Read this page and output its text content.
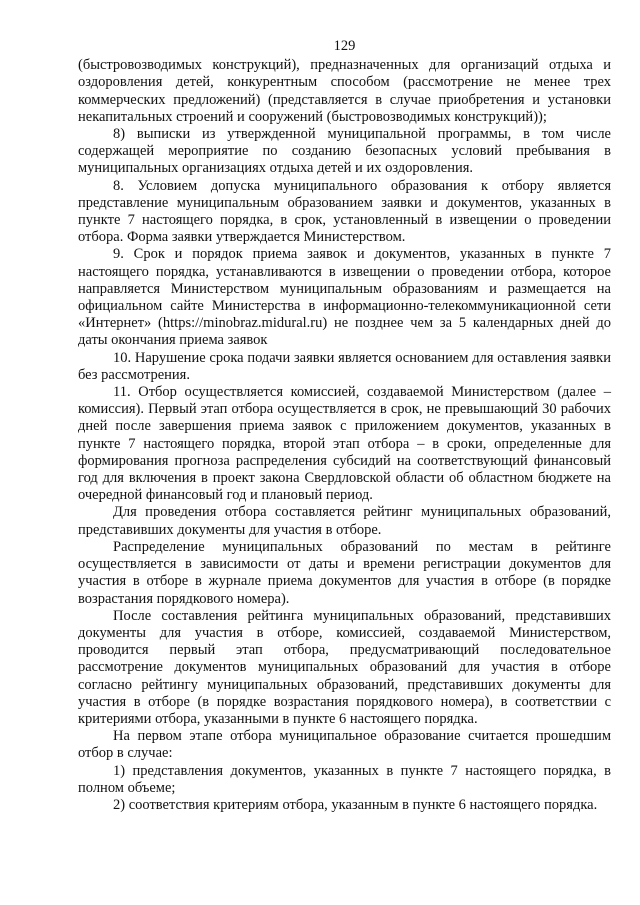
129

(быстровозводимых конструкций), предназначенных для организаций отдыха и оздоровления детей, конкурентным способом (рассмотрение не менее трех коммерческих предложений) (представляется в случае приобретения и установки некапитальных строений и сооружений (быстровозводимых конструкций));

8) выписки из утвержденной муниципальной программы, в том числе содержащей мероприятие по созданию безопасных условий пребывания в муниципальных организациях отдыха детей и их оздоровления.

8. Условием допуска муниципального образования к отбору является представление муниципальным образованием заявки и документов, указанных в пункте 7 настоящего порядка, в срок, установленный в извещении о проведении отбора. Форма заявки утверждается Министерством.

9. Срок и порядок приема заявок и документов, указанных в пункте 7 настоящего порядка, устанавливаются в извещении о проведении отбора, которое направляется Министерством муниципальным образованиям и размещается на официальном сайте Министерства в информационно-телекоммуникационной сети «Интернет» (https://minobraz.midural.ru) не позднее чем за 5 календарных дней до даты окончания приема заявок

10. Нарушение срока подачи заявки является основанием для оставления заявки без рассмотрения.

11. Отбор осуществляется комиссией, создаваемой Министерством (далее – комиссия). Первый этап отбора осуществляется в срок, не превышающий 30 рабочих дней после завершения приема заявок с приложением документов, указанных в пункте 7 настоящего порядка, второй этап отбора – в сроки, определенные для формирования прогноза распределения субсидий на соответствующий финансовый год для включения в проект закона Свердловской области об областном бюджете на очередной финансовый год и плановый период.

Для проведения отбора составляется рейтинг муниципальных образований, представивших документы для участия в отборе.

Распределение муниципальных образований по местам в рейтинге осуществляется в зависимости от даты и времени регистрации документов для участия в отборе в журнале приема документов для участия в отборе (в порядке возрастания порядкового номера).

После составления рейтинга муниципальных образований, представивших документы для участия в отборе, комиссией, создаваемой Министерством, проводится первый этап отбора, предусматривающий последовательное рассмотрение документов муниципальных образований для участия в отборе согласно рейтингу муниципальных образований, представивших документы для участия в отборе (в порядке возрастания порядкового номера), в соответствии с критериями отбора, указанными в пункте 6 настоящего порядка.

На первом этапе отбора муниципальное образование считается прошедшим отбор в случае:

1) представления документов, указанных в пункте 7 настоящего порядка, в полном объеме;

2) соответствия критериям отбора, указанным в пункте 6 настоящего порядка.
